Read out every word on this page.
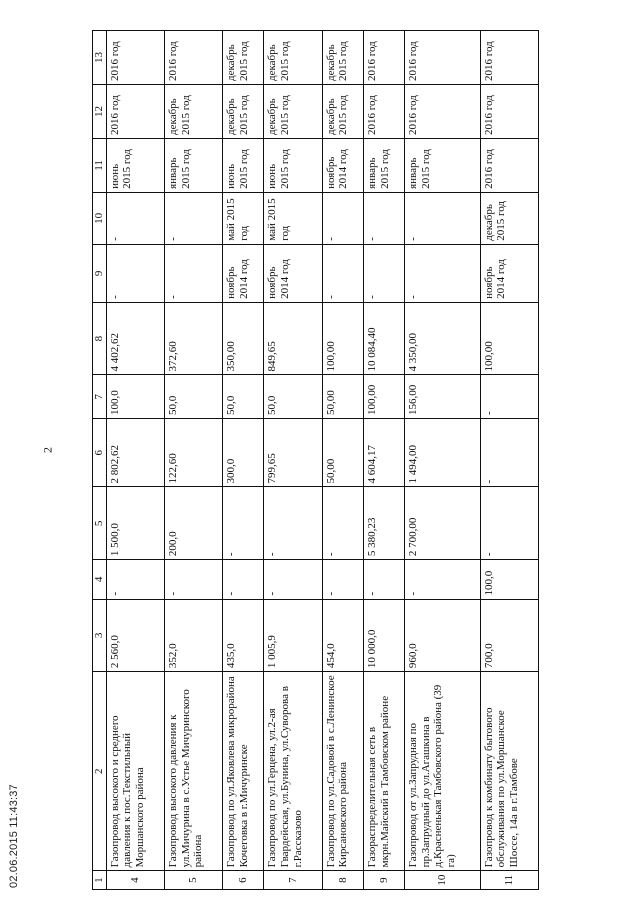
2
1	2	3	4	5	6	7	8	9	10	11	12	13
4	Газопровод высокого и среднего давления к пос.Текстильный Моршанского района	2 560,0	-	1 500,0	2 802,62	100,0	4 402,62	-	-	июнь 2015 год	2016 год	2016 год
5	Газопровод высокого давления к ул.Мичурина в с.Устье Мичуринского района	352,0	-	200,0	122,60	50,0	372,60	-	-	январь 2015 год	декабрь 2015 год	2016 год
6	Газопровод по ул.Яковлева микрорайона Кочеговка в г.Мичуринске	435,0	-	-	300,0	50,0	350,00	ноябрь 2014 год	май 2015 год	июнь 2015 год	декабрь 2015 год	декабрь 2015 год
7	Газопровод по ул.Герцена, ул.2-ая Гвардейская, ул.Бунина, ул.Суворова в г.Рассказово	1 005,9	-	-	799,65	50,0	849,65	ноябрь 2014 год	май 2015 год	июнь 2015 год	декабрь 2015 год	декабрь 2015 год
8	Газопровод по ул.Садовой в с.Ленинское Кирсановского района	454,0	-	-	50,00	50,00	100,00	-	-	ноябрь 2014 год	декабрь 2015 год	декабрь 2015 год
9	Газораспределительная сеть в мкрн.Майский в Тамбовском районе	10 000,0	-	5 380,23	4 604,17	100,00	10 084,40	-	-	январь 2015 год	2016 год	2016 год
10	Газопровод от ул.Запрудная по пр.Запрудный до ул.Агашкина в д.Красненькая Тамбовского района (39 га)	960,0	-	2 700,00	1 494,00	156,00	4 350,00	-	-	январь 2015 год	2016 год	2016 год
11	Газопровод к комбинату бытового обслуживания по ул.Моршанское Шоссе, 14а в г.Тамбове	700,0	100,0	-	-	-	100,00	ноябрь 2014 год	декабрь 2015 год	2016 год	2016 год	2016 год
02.06.2015 11:43:37
